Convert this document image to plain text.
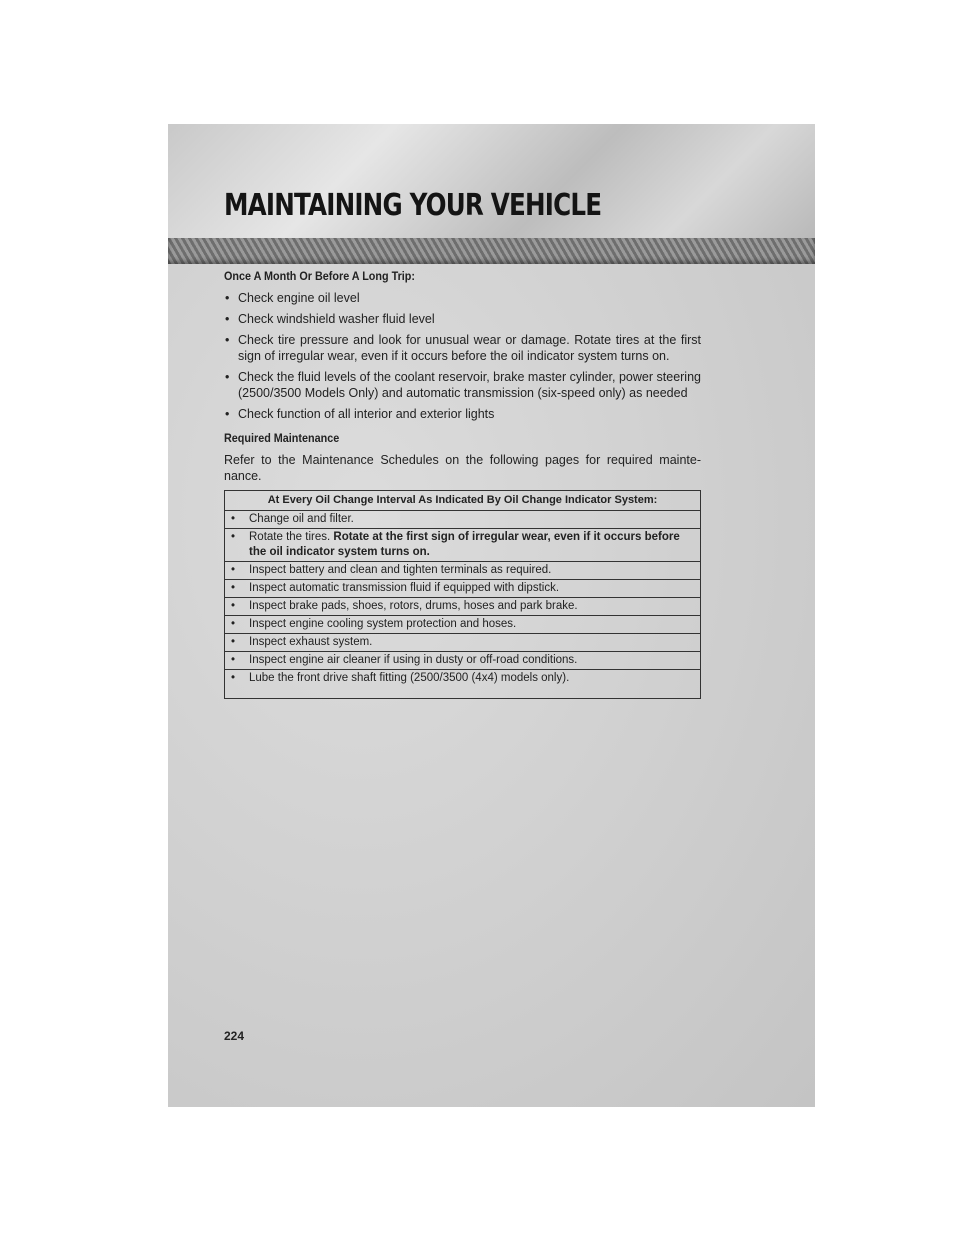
MAINTAINING YOUR VEHICLE

Once A Month Or Before A Long Trip:

• Check engine oil level
• Check windshield washer fluid level
• Check tire pressure and look for unusual wear or damage. Rotate tires at the first sign of irregular wear, even if it occurs before the oil indicator system turns on.
• Check the fluid levels of the coolant reservoir, brake master cylinder, power steering (2500/3500 Models Only) and automatic transmission (six-speed only) as needed
• Check function of all interior and exterior lights

Required Maintenance

Refer to the Maintenance Schedules on the following pages for required mainte-nance.

At Every Oil Change Interval As Indicated By Oil Change Indicator System:

• Change oil and filter.

• Rotate the tires. Rotate at the first sign of irregular wear, even if it occurs before the oil indicator system turns on.

• Inspect battery and clean and tighten terminals as required.

• Inspect automatic transmission fluid if equipped with dipstick.

• Inspect brake pads, shoes, rotors, drums, hoses and park brake.

• Inspect engine cooling system protection and hoses.

• Inspect exhaust system.

• Inspect engine air cleaner if using in dusty or off-road conditions.

• Lube the front drive shaft fitting (2500/3500 (4x4) models only).

224
